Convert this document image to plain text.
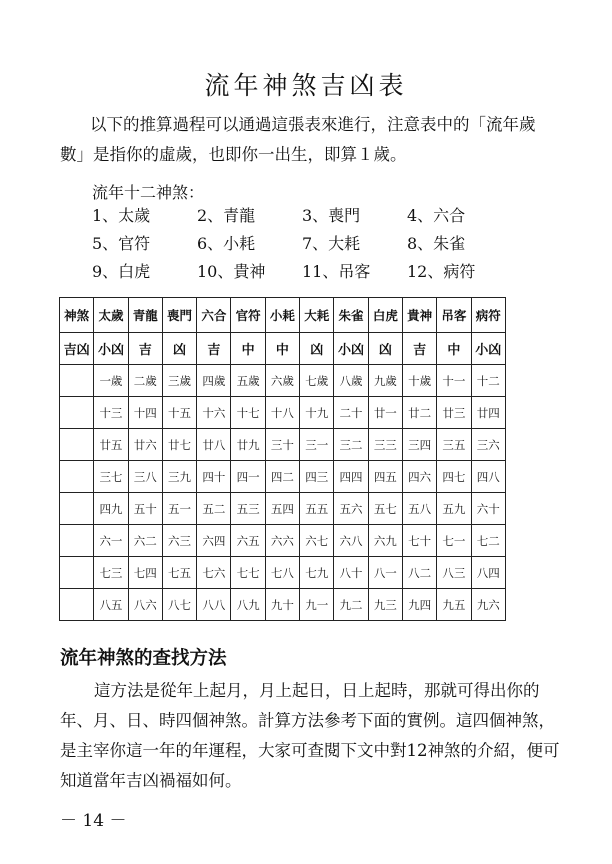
流年神煞吉凶表

以下的推算過程可以通過這張表來進行，注意表中的「流年歲數」是指你的虛歲，也即你一出生，即算１歲。

流年十二神煞：
1、太歲	2、青龍	3、喪門	4、六合
5、官符	6、小耗	7、大耗	8、朱雀
9、白虎	10、貴神	11、吊客	12、病符
神煞	太歲	青龍	喪門	六合	官符	小耗	大耗	朱雀	白虎	貴神	吊客	病符
吉凶	小凶	吉	凶	吉	中	中	凶	小凶	凶	吉	中	小凶
	一歲	二歲	三歲	四歲	五歲	六歲	七歲	八歲	九歲	十歲	十一	十二
	十三	十四	十五	十六	十七	十八	十九	二十	廿一	廿二	廿三	廿四
	廿五	廿六	廿七	廿八	廿九	三十	三一	三二	三三	三四	三五	三六
	三七	三八	三九	四十	四一	四二	四三	四四	四五	四六	四七	四八
	四九	五十	五一	五二	五三	五四	五五	五六	五七	五八	五九	六十
	六一	六二	六三	六四	六五	六六	六七	六八	六九	七十	七一	七二
	七三	七四	七五	七六	七七	七八	七九	八十	八一	八二	八三	八四
	八五	八六	八七	八八	八九	九十	九一	九二	九三	九四	九五	九六
流年神煞的查找方法

這方法是從年上起月，月上起日，日上起時，那就可得出你的年、月、日、時四個神煞。計算方法參考下面的實例。這四個神煞，是主宰你這一年的年運程，大家可查閱下文中對12神煞的介紹，便可知道當年吉凶禍福如何。

－ 14 －
